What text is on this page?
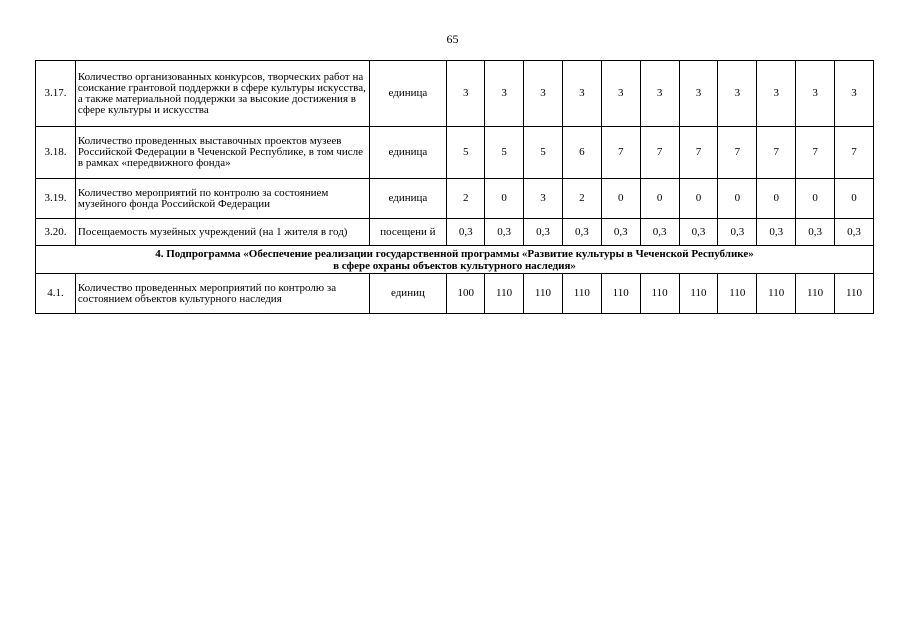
65
3.17.	Количество организованных конкурсов, творческих работ на соискание грантовой поддержки в сфере культуры искусства, а также материальной поддержки за высокие достижения в сфере культуры и искусства	единица	3	3	3	3	3	3	3	3	3	3	3
3.18.	Количество проведенных выставочных проектов музеев Российской Федерации в Чеченской Республике, в том числе в рамках «передвижного фонда»	единица	5	5	5	6	7	7	7	7	7	7	7
3.19.	Количество мероприятий по контролю за состоянием музейного фонда Российской Федерации	единица	2	0	3	2	0	0	0	0	0	0	0
3.20.	Посещаемость музейных учреждений (на 1 жителя в год)	посещени й	0,3	0,3	0,3	0,3	0,3	0,3	0,3	0,3	0,3	0,3	0,3

4. Подпрограмма «Обеспечение реализации государственной программы «Развитие культуры в Чеченской Республике»
в сфере охраны объектов культурного наследия»													

4.1.	Количество проведенных мероприятий по контролю за состоянием объектов культурного наследия	единиц	100	110	110	110	110	110	110	110	110	110	110
